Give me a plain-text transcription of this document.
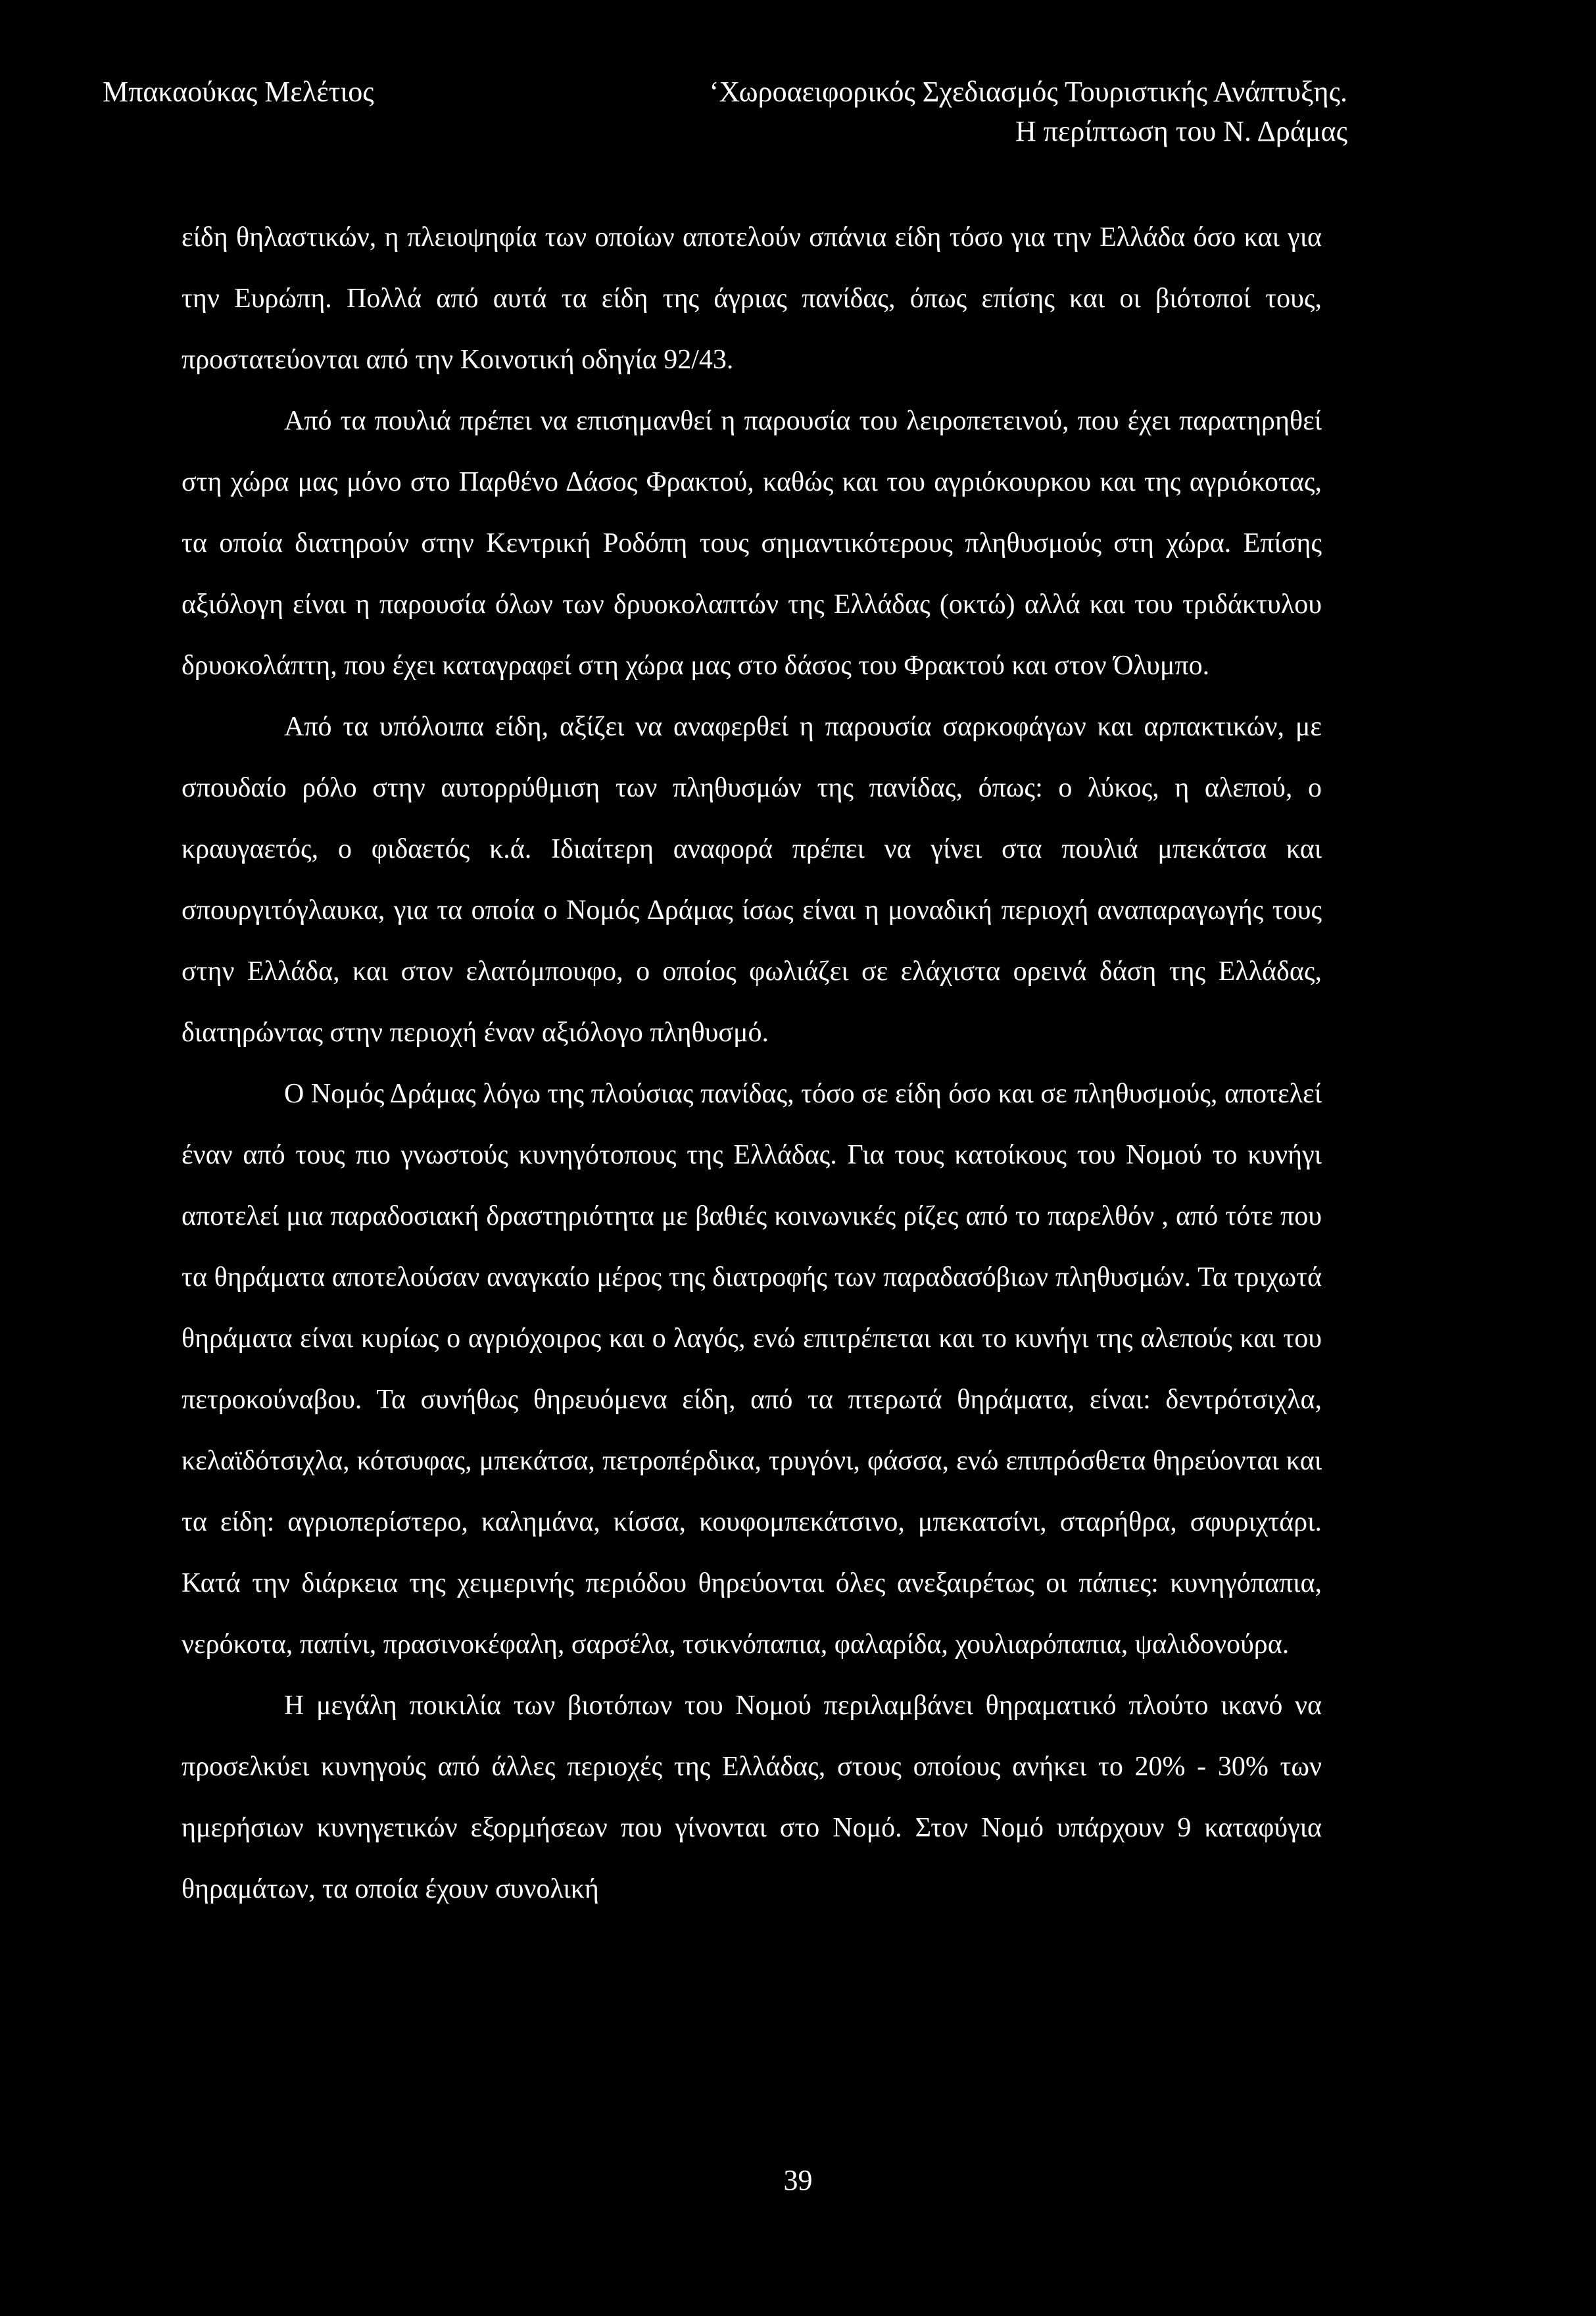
Μπακαούκας Μελέτιος	‘Χωροαειφορικός Σχεδιασμός Τουριστικής Ανάπτυξης.
Η περίπτωση του Ν. Δράμας

είδη θηλαστικών, η πλειοψηφία των οποίων αποτελούν σπάνια είδη τόσο για την Ελλάδα όσο και για την Ευρώπη. Πολλά από αυτά τα είδη της άγριας πανίδας, όπως επίσης και οι βιότοποί τους, προστατεύονται από την Κοινοτική οδηγία 92/43.

Από τα πουλιά πρέπει να επισημανθεί η παρουσία του λειροπετεινού, που έχει παρατηρηθεί στη χώρα μας μόνο στο Παρθένο Δάσος Φρακτού, καθώς και του αγριόκουρκου και της αγριόκοτας, τα οποία διατηρούν στην Κεντρική Ροδόπη τους σημαντικότερους πληθυσμούς στη χώρα. Επίσης αξιόλογη είναι η παρουσία όλων των δρυοκολαπτών της Ελλάδας (οκτώ) αλλά και του τριδάκτυλου δρυοκολάπτη, που έχει καταγραφεί στη χώρα μας στο δάσος του Φρακτού και στον Όλυμπο.

Από τα υπόλοιπα είδη, αξίζει να αναφερθεί η παρουσία σαρκοφάγων και αρπακτικών, με σπουδαίο ρόλο στην αυτορρύθμιση των πληθυσμών της πανίδας, όπως: ο λύκος, η αλεπού, ο κραυγαετός, ο φιδαετός κ.ά. Ιδιαίτερη αναφορά πρέπει να γίνει στα πουλιά μπεκάτσα και σπουργιτόγλαυκα, για τα οποία ο Νομός Δράμας ίσως είναι η μοναδική περιοχή αναπαραγωγής τους στην Ελλάδα, και στον ελατόμπουφο, ο οποίος φωλιάζει σε ελάχιστα ορεινά δάση της Ελλάδας, διατηρώντας στην περιοχή έναν αξιόλογο πληθυσμό.

Ο Νομός Δράμας λόγω της πλούσιας πανίδας, τόσο σε είδη όσο και σε πληθυσμούς, αποτελεί έναν από τους πιο γνωστούς κυνηγότοπους της Ελλάδας. Για τους κατοίκους του Νομού το κυνήγι αποτελεί μια παραδοσιακή δραστηριότητα με βαθιές κοινωνικές ρίζες από το παρελθόν , από τότε που τα θηράματα αποτελούσαν αναγκαίο μέρος της διατροφής των παραδασόβιων πληθυσμών. Τα τριχωτά θηράματα είναι κυρίως ο αγριόχοιρος και ο λαγός, ενώ επιτρέπεται και το κυνήγι της αλεπούς και του πετροκούναβου. Τα συνήθως θηρευόμενα είδη, από τα πτερωτά θηράματα, είναι: δεντρότσιχλα, κελαϊδότσιχλα, κότσυφας, μπεκάτσα, πετροπέρδικα, τρυγόνι, φάσσα, ενώ επιπρόσθετα θηρεύονται και τα είδη: αγριοπερίστερο, καλημάνα, κίσσα, κουφομπεκάτσινο, μπεκατσίνι, σταρήθρα, σφυριχτάρι. Κατά την διάρκεια της χειμερινής περιόδου θηρεύονται όλες ανεξαιρέτως οι πάπιες: κυνηγόπαπια, νερόκοτα, παπίνι, πρασινοκέφαλη, σαρσέλα, τσικνόπαπια, φαλαρίδα, χουλιαρόπαπια, ψαλιδονούρα.

Η μεγάλη ποικιλία των βιοτόπων του Νομού περιλαμβάνει θηραματικό πλούτο ικανό να προσελκύει κυνηγούς από άλλες περιοχές της Ελλάδας, στους οποίους ανήκει το 20% - 30% των ημερήσιων κυνηγετικών εξορμήσεων που γίνονται στο Νομό. Στον Νομό υπάρχουν 9 καταφύγια θηραμάτων, τα οποία έχουν συνολική

39
